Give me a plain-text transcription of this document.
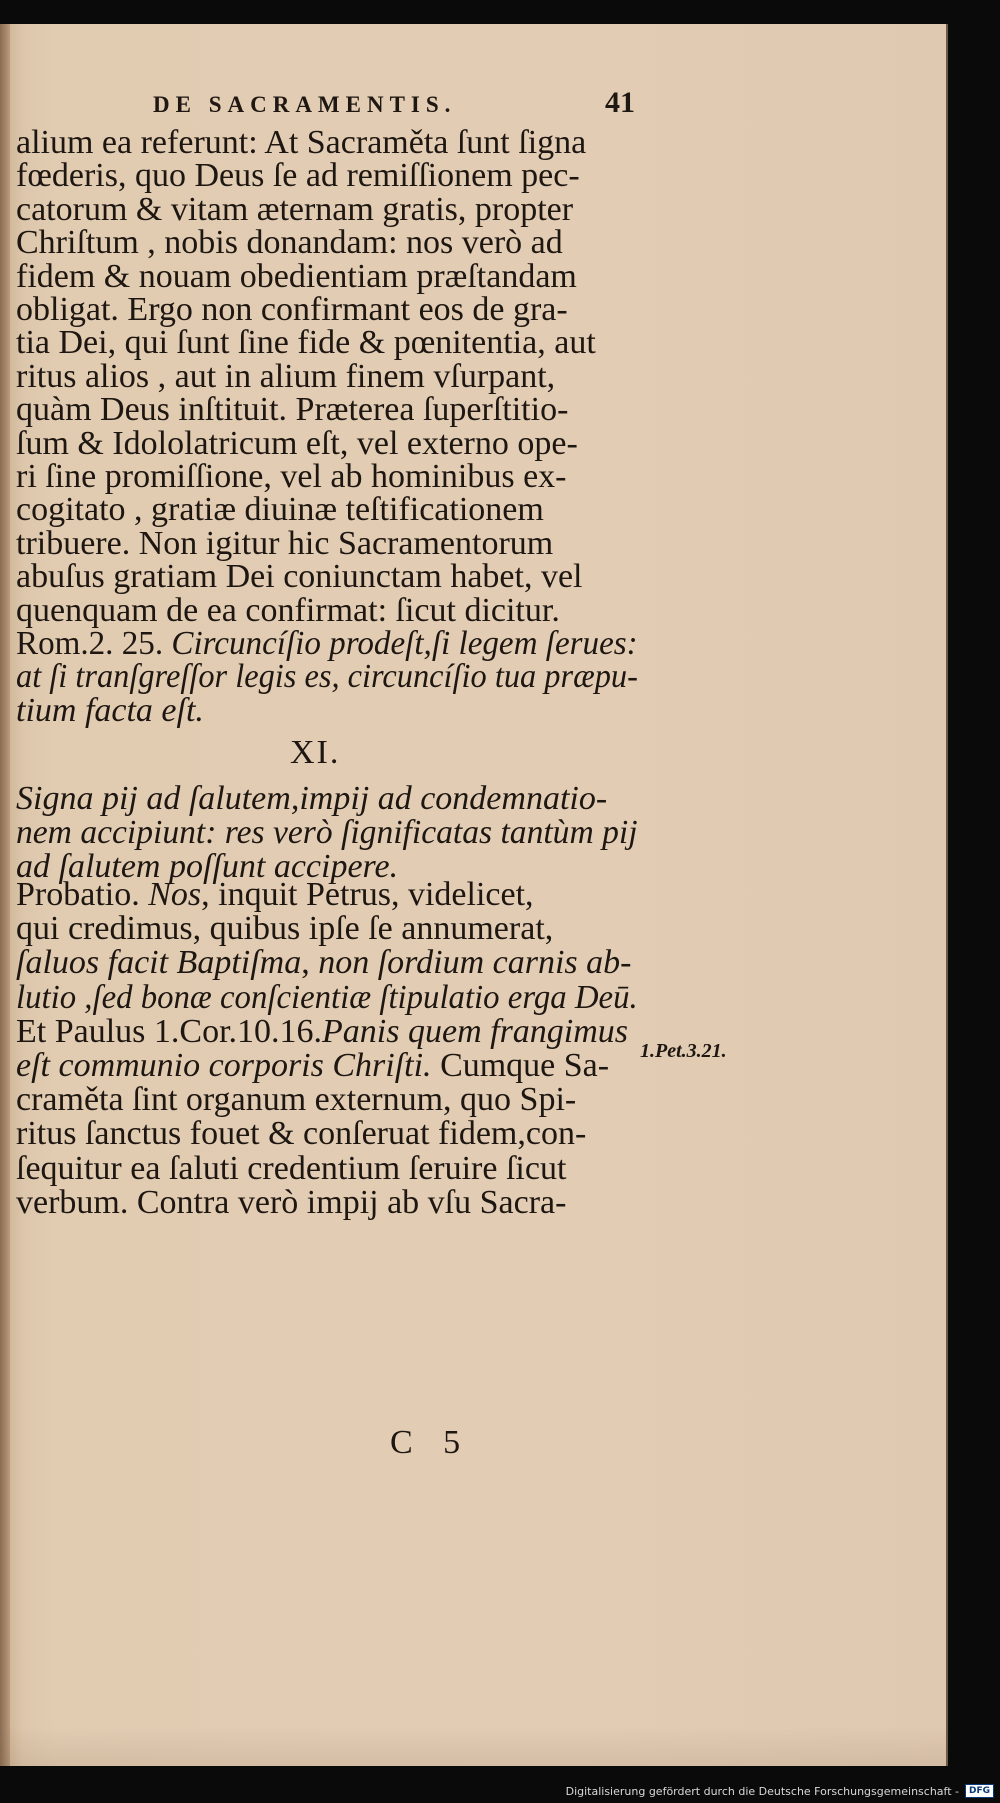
DE SACRAMENTIS.	41
alium ea referunt: At Sacraměta ſunt ſigna
fœderis, quo Deus ſe ad remiſſionem pec-
catorum & vitam æternam gratis, propter
Chriſtum , nobis donandam: nos verò ad
fidem & nouam obedientiam præſtandam
obligat. Ergo non confirmant eos de gra-
tia Dei, qui ſunt ſine fide & pœnitentia, aut
ritus alios , aut in alium finem vſurpant,
quàm Deus inſtituit. Præterea ſuperſtitio-
ſum & Idololatricum eſt, vel externo ope-
ri ſine promiſſione, vel ab hominibus ex-
cogitato , gratiæ diuinæ teſtificationem
tribuere. Non igitur hic Sacramentorum
abuſus gratiam Dei coniunctam habet, vel
quenquam de ea confirmat: ſicut dicitur.
Rom.2. 25. Circuncíſio prodeſt,ſi legem ſerues:
at ſi tranſgreſſor legis es, circuncíſio tua præpu-
tium facta eſt.
XI.
Signa pij ad ſalutem,impij ad condemnatio-
nem accipiunt: res verò ſignificatas tantùm pij
ad ſalutem poſſunt accipere.
Probatio. Nos, inquit Petrus, videlicet,
qui credimus, quibus ipſe ſe annumerat,
ſaluos facit Baptiſma, non ſordium carnis ab-
lutio ,ſed bonæ conſcientiæ ſtipulatio erga Deū.
Et Paulus 1.Cor.10.16.Panis quem frangimus
eſt communio corporis Chriſti. Cumque Sa-
craměta ſint organum externum, quo Spi-
ritus ſanctus fouet & conſeruat fidem,con-
ſequitur ea ſaluti credentium ſeruire ſicut
verbum. Contra verò impij ab vſu Sacra-
1.Pet.3.21.
C 5
Digitalisierung gefördert durch die Deutsche Forschungsgemeinschaft -	DFG
